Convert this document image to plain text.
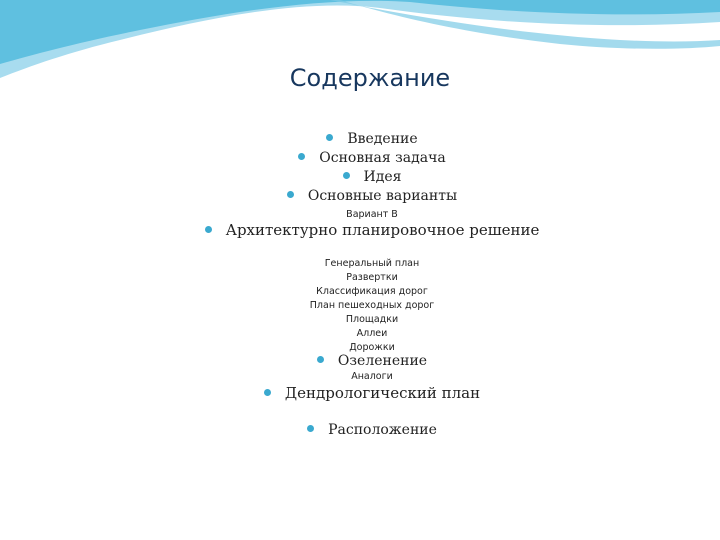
Содержание
Введение
Основная задача
Идея
Основные варианты
Вариант В
Архитектурно планировочное решение
Генеральный план
Развертки
Классификация дорог
План пешеходных дорог
Площадки
Аллеи
Дорожки
Озеленение
Аналоги
Дендрологический план
Расположение
